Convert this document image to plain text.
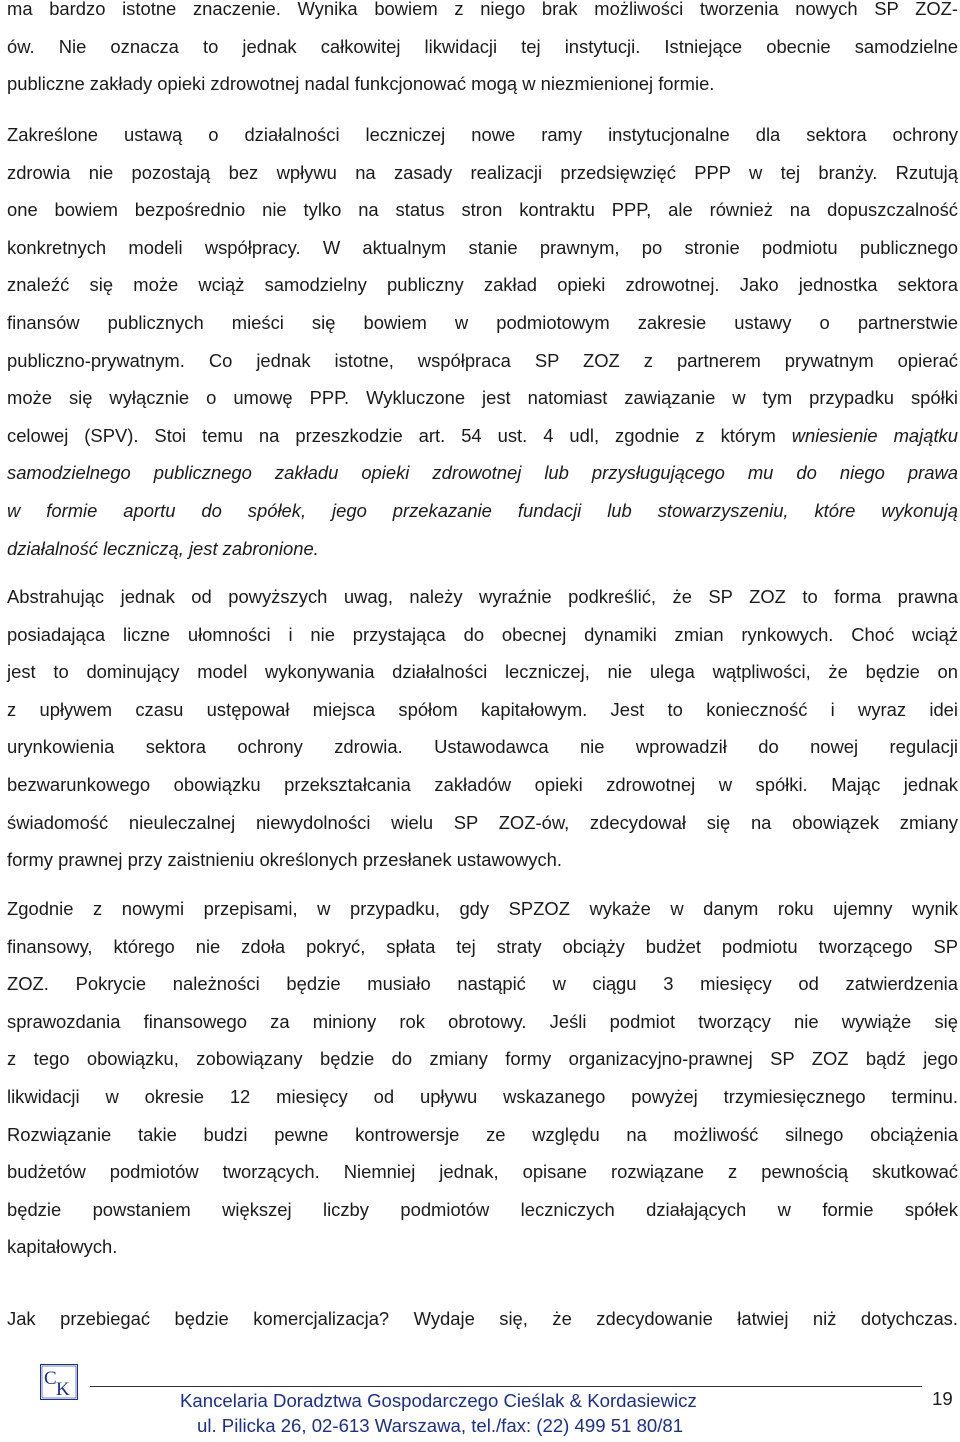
ma bardzo istotne znaczenie. Wynika bowiem z niego brak możliwości tworzenia nowych SP ZOZ-
ów. Nie oznacza to jednak całkowitej likwidacji tej instytucji. Istniejące obecnie samodzielne
publiczne zakłady opieki zdrowotnej nadal funkcjonować mogą w niezmienionej formie.
Zakreślone ustawą o działalności leczniczej nowe ramy instytucjonalne dla sektora ochrony
zdrowia nie pozostają bez wpływu na zasady realizacji przedsięwzięć PPP w tej branży. Rzutują
one bowiem bezpośrednio nie tylko na status stron kontraktu PPP, ale również na dopuszczalność
konkretnych modeli współpracy. W aktualnym stanie prawnym, po stronie podmiotu publicznego
znaleźć się może wciąż samodzielny publiczny zakład opieki zdrowotnej. Jako jednostka sektora
finansów publicznych mieści się bowiem w podmiotowym zakresie ustawy o partnerstwie
publiczno-prywatnym. Co jednak istotne, współpraca SP ZOZ z partnerem prywatnym opierać
może się wyłącznie o umowę PPP. Wykluczone jest natomiast zawiązanie w tym przypadku spółki
celowej (SPV). Stoi temu na przeszkodzie art. 54 ust. 4 udl, zgodnie z którym wniesienie majątku
samodzielnego publicznego zakładu opieki zdrowotnej lub przysługującego mu do niego prawa
w formie aportu do spółek, jego przekazanie fundacji lub stowarzyszeniu, które wykonują
działalność leczniczą, jest zabronione.
Abstrahując jednak od powyższych uwag, należy wyraźnie podkreślić, że SP ZOZ to forma prawna
posiadająca liczne ułomności i nie przystająca do obecnej dynamiki zmian rynkowych. Choć wciąż
jest to dominujący model wykonywania działalności leczniczej, nie ulega wątpliwości, że będzie on
z upływem czasu ustępował miejsca spółom kapitałowym. Jest to konieczność i wyraz idei
urynkowienia sektora ochrony zdrowia. Ustawodawca nie wprowadził do nowej regulacji
bezwarunkowego obowiązku przekształcania zakładów opieki zdrowotnej w spółki. Mając jednak
świadomość nieuleczalnej niewydolności wielu SP ZOZ-ów, zdecydował się na obowiązek zmiany
formy prawnej przy zaistnieniu określonych przesłanek ustawowych.
Zgodnie z nowymi przepisami, w przypadku, gdy SPZOZ wykaże w danym roku ujemny wynik
finansowy, którego nie zdoła pokryć, spłata tej straty obciąży budżet podmiotu tworzącego SP
ZOZ. Pokrycie należności będzie musiało nastąpić w ciągu 3 miesięcy od zatwierdzenia
sprawozdania finansowego za miniony rok obrotowy. Jeśli podmiot tworzący nie wywiąże się
z tego obowiązku, zobowiązany będzie do zmiany formy organizacyjno-prawnej SP ZOZ bądź jego
likwidacji w okresie 12 miesięcy od upływu wskazanego powyżej trzymiesięcznego terminu.
Rozwiązanie takie budzi pewne kontrowersje ze względu na możliwość silnego obciążenia
budżetów podmiotów tworzących. Niemniej jednak, opisane rozwiązane z pewnością skutkować
będzie powstaniem większej liczby podmiotów leczniczych działających w formie spółek
kapitałowych.
Jak przebiegać będzie komercjalizacja? Wydaje się, że zdecydowanie łatwiej niż dotychczas.
C
K
Kancelaria Doradztwa Gospodarczego Cieślak & Kordasiewicz
ul. Pilicka 26, 02-613 Warszawa, tel./fax: (22) 499 51 80/81
19
